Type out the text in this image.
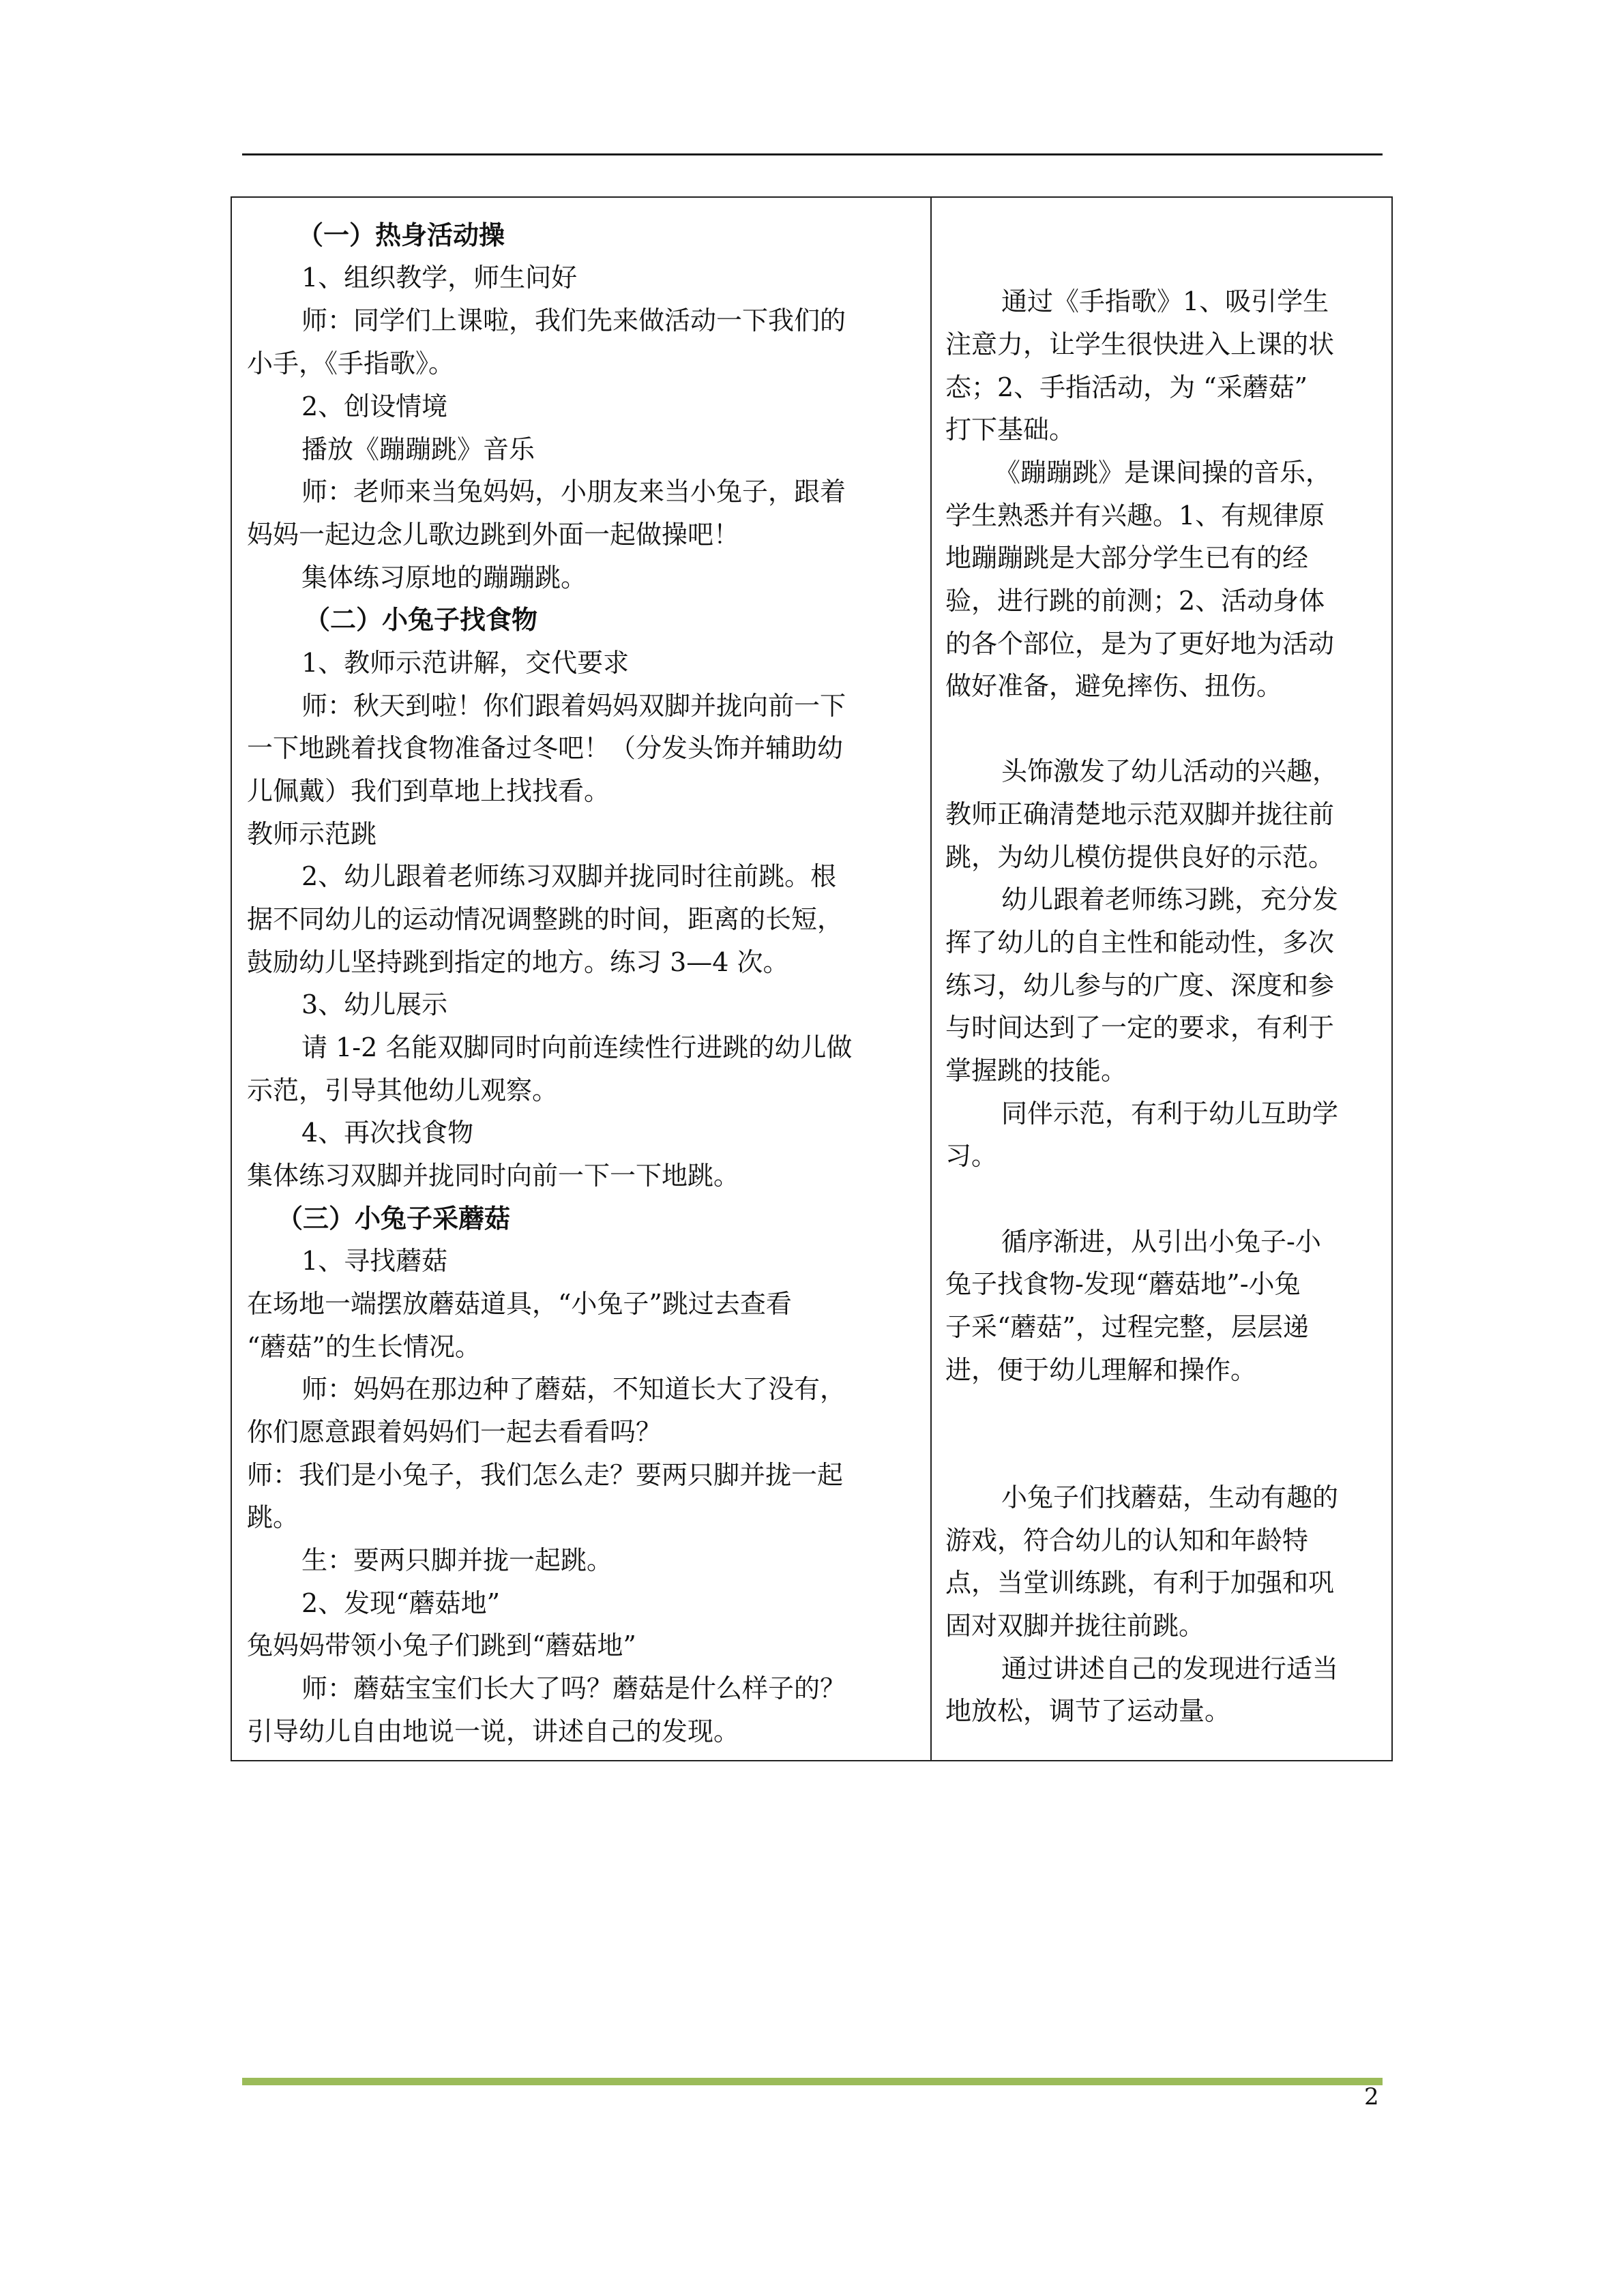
（一）热身活动操
1、组织教学，师生问好
师：同学们上课啦，我们先来做活动一下我们的
小手，《手指歌》。
2、创设情境
播放《蹦蹦跳》音乐
师：老师来当兔妈妈，小朋友来当小兔子，跟着
妈妈一起边念儿歌边跳到外面一起做操吧！
集体练习原地的蹦蹦跳。
（二）小兔子找食物
1、教师示范讲解，交代要求
师：秋天到啦！你们跟着妈妈双脚并拢向前一下
一下地跳着找食物准备过冬吧！（分发头饰并辅助幼
儿佩戴）我们到草地上找找看。
教师示范跳
2、幼儿跟着老师练习双脚并拢同时往前跳。根
据不同幼儿的运动情况调整跳的时间，距离的长短，
鼓励幼儿坚持跳到指定的地方。练习 3—4 次。
3、幼儿展示
请 1-2 名能双脚同时向前连续性行进跳的幼儿做
示范，引导其他幼儿观察。
4、再次找食物
集体练习双脚并拢同时向前一下一下地跳。
（三）小兔子采蘑菇
1、寻找蘑菇
在场地一端摆放蘑菇道具，“小兔子”跳过去查看
“蘑菇”的生长情况。
师：妈妈在那边种了蘑菇，不知道长大了没有，
你们愿意跟着妈妈们一起去看看吗？
师：我们是小兔子，我们怎么走？要两只脚并拢一起
跳。
生：要两只脚并拢一起跳。
2、发现“蘑菇地”
兔妈妈带领小兔子们跳到“蘑菇地”
师：蘑菇宝宝们长大了吗？蘑菇是什么样子的？
引导幼儿自由地说一说，讲述自己的发现。
通过《手指歌》1、吸引学生
注意力，让学生很快进入上课的状
态；2、手指活动，为 “采蘑菇”
打下基础。
《蹦蹦跳》是课间操的音乐，
学生熟悉并有兴趣。1、有规律原
地蹦蹦跳是大部分学生已有的经
验，进行跳的前测；2、活动身体
的各个部位，是为了更好地为活动
做好准备，避免摔伤、扭伤。
头饰激发了幼儿活动的兴趣，
教师正确清楚地示范双脚并拢往前
跳，为幼儿模仿提供良好的示范。
幼儿跟着老师练习跳，充分发
挥了幼儿的自主性和能动性，多次
练习，幼儿参与的广度、深度和参
与时间达到了一定的要求，有利于
掌握跳的技能。
同伴示范，有利于幼儿互助学
习。
循序渐进，从引出小兔子-小
兔子找食物-发现“蘑菇地”-小兔
子采“蘑菇”，过程完整，层层递
进，便于幼儿理解和操作。
小兔子们找蘑菇，生动有趣的
游戏，符合幼儿的认知和年龄特
点，当堂训练跳，有利于加强和巩
固对双脚并拢往前跳。
通过讲述自己的发现进行适当
地放松，调节了运动量。
2
